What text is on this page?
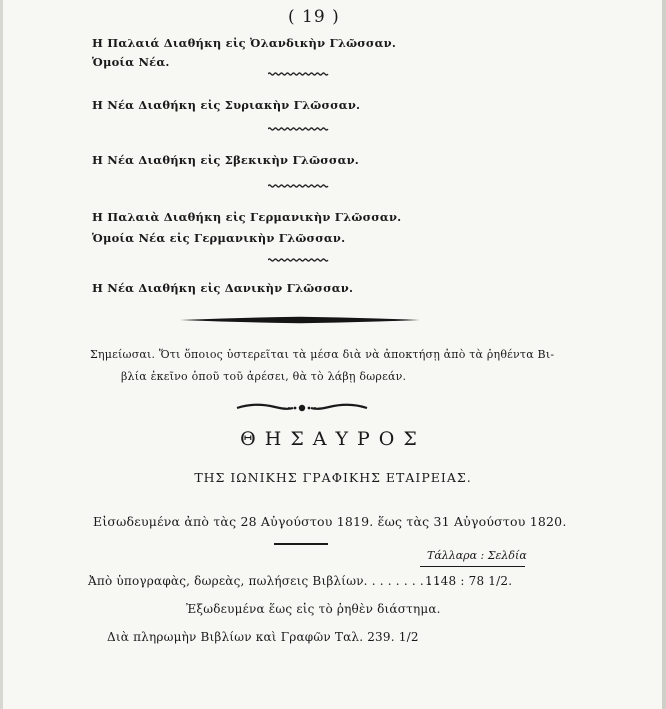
( 19 )
Η Παλαιά Διαθήκη εἰς Ὀλανδικὴν Γλῶσσαν.
Ὁμοία Νέα.
Η Νέα Διαθήκη εἰς Συριακὴν Γλῶσσαν.
Η Νέα Διαθήκη εἰς Σβεκικὴν Γλῶσσαν.
Η Παλαιὰ Διαθήκη εἰς Γερμανικὴν Γλῶσσαν.
Ὁμοία Νέα εἰς Γερμανικὴν Γλῶσσαν.
Η Νέα Διαθήκη εἰς Δανικὴν Γλῶσσαν.
Σημείωσαι. Ὅτι ὅποιος ὑστερεῖται τὰ μέσα διὰ νὰ ἀποκτήσῃ ἀπὸ τὰ ῥηθέντα Βι-
βλία ἐκεῖνο ὁποῦ τοῦ ἀρέσει, θὰ τὸ λάβῃ δωρεάν.
ΘΗΣΑΥΡΟΣ
ΤΗΣ ΙΩΝΙΚΗΣ ΓΡΑΦΙΚΗΣ ΕΤΑΙΡΕΙΑΣ.
Εἰσωδευμένα ἀπὸ τὰς 28 Αὐγούστου 1819. ἕως τὰς 31 Αὐγούστου 1820.
Τάλλαρα : Σελδία
Ἀπὸ ὑπογραφὰς, δωρεὰς, πωλήσεις Βιβλίων. . . . . . . . . .
1148 : 78 1/2.
Ἐξωδευμένα ἕως εἰς τὸ ῥηθὲν διάστημα.
Διὰ πληρωμὴν Βιβλίων καὶ Γραφῶν Ταλ. 239. 1/2
